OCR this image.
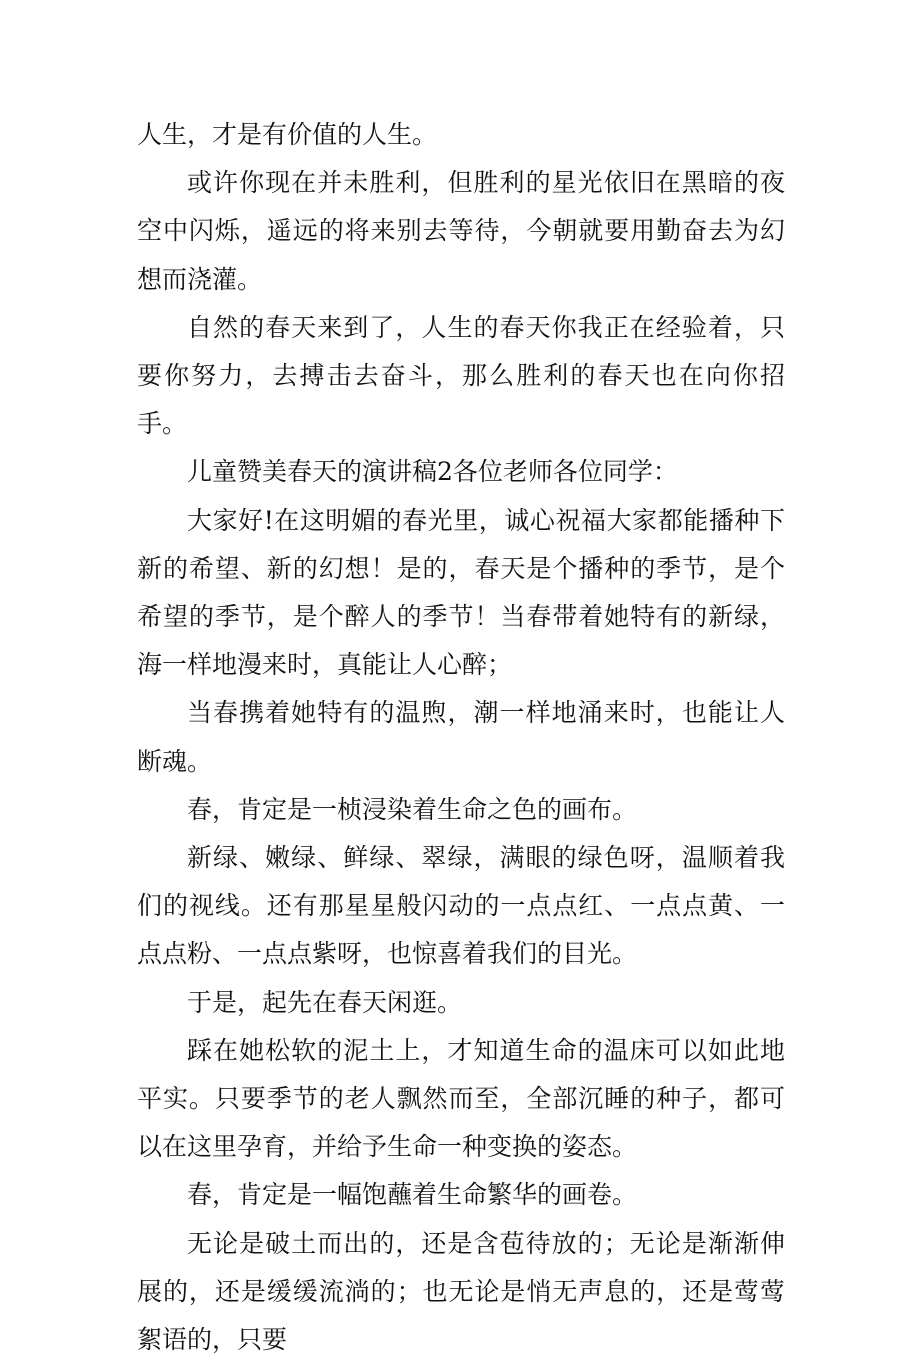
人生，才是有价值的人生。

或许你现在并未胜利，但胜利的星光依旧在黑暗的夜空中闪烁，遥远的将来别去等待，今朝就要用勤奋去为幻想而浇灌。

自然的春天来到了，人生的春天你我正在经验着，只要你努力，去搏击去奋斗，那么胜利的春天也在向你招手。

儿童赞美春天的演讲稿2各位老师各位同学：

大家好!在这明媚的春光里，诚心祝福大家都能播种下新的希望、新的幻想！是的，春天是个播种的季节，是个希望的季节，是个醉人的季节！当春带着她特有的新绿，海一样地漫来时，真能让人心醉；

当春携着她特有的温煦，潮一样地涌来时，也能让人断魂。

春，肯定是一桢浸染着生命之色的画布。

新绿、嫩绿、鲜绿、翠绿，满眼的绿色呀，温顺着我们的视线。还有那星星般闪动的一点点红、一点点黄、一点点粉、一点点紫呀，也惊喜着我们的目光。

于是，起先在春天闲逛。

踩在她松软的泥土上，才知道生命的温床可以如此地平实。只要季节的老人飘然而至，全部沉睡的种子，都可以在这里孕育，并给予生命一种变换的姿态。

春，肯定是一幅饱蘸着生命繁华的画卷。

无论是破土而出的，还是含苞待放的；无论是渐渐伸展的，还是缓缓流淌的；也无论是悄无声息的，还是莺莺絮语的，只要
